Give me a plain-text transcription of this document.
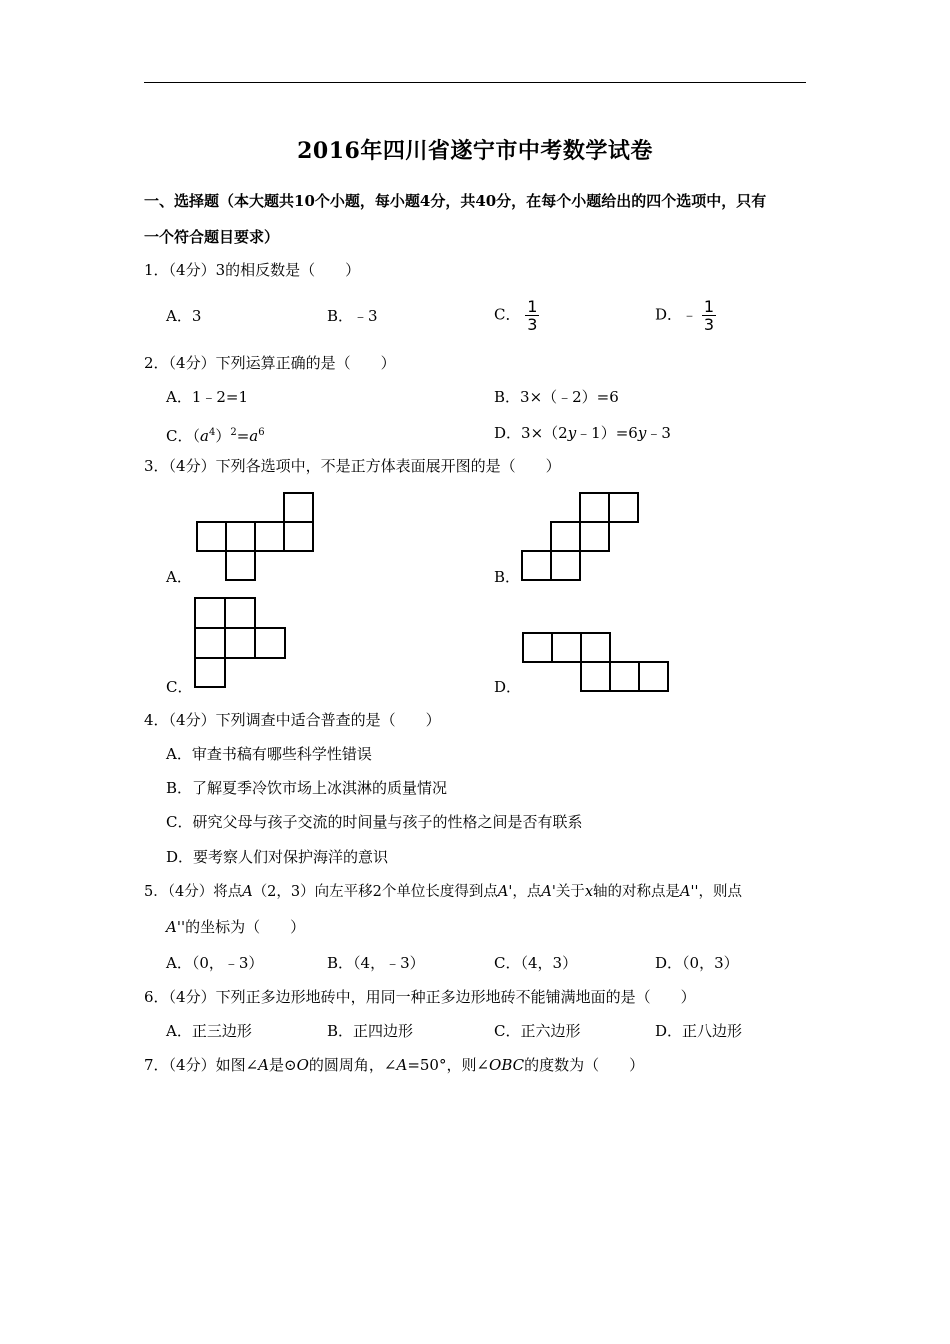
2016年四川省遂宁市中考数学试卷
一、选择题（本大题共10个小题，每小题4分，共40分，在每个小题给出的四个选项中，只有
一个符合题目要求）
1．（4分）3的相反数是（　　）
A．3	B．﹣3	C． $\frac{1}{3}$	D．﹣ $\frac{1}{3}$
2．（4分）下列运算正确的是（　　）
A．1﹣2=1	B．3×（﹣2）=6
C．$(a^4)^2=a^6$	D．3×（2y﹣1）=6y﹣3
3．（4分）下列各选项中，不是正方体表面展开图的是（　　）
A．	B．
C．	D．
4．（4分）下列调查中适合普查的是（　　）
A．审查书稿有哪些科学性错误
B．了解夏季冷饮市场上冰淇淋的质量情况
C．研究父母与孩子交流的时间量与孩子的性格之间是否有联系
D．要考察人们对保护海洋的意识
5．（4分）将点A（2，3）向左平移2个单位长度得到点A'，点A'关于x轴的对称点是A''，则点
A''的坐标为（　　）
A．（0，﹣3）	B．（4，﹣3）	C．（4，3）	D．（0，3）
6．（4分）下列正多边形地砖中，用同一种正多边形地砖不能铺满地面的是（　　）
A．正三边形	B．正四边形	C．正六边形	D．正八边形
7．（4分）如图∠A是⊙O的圆周角，∠A=50°，则∠OBC的度数为（　　）
